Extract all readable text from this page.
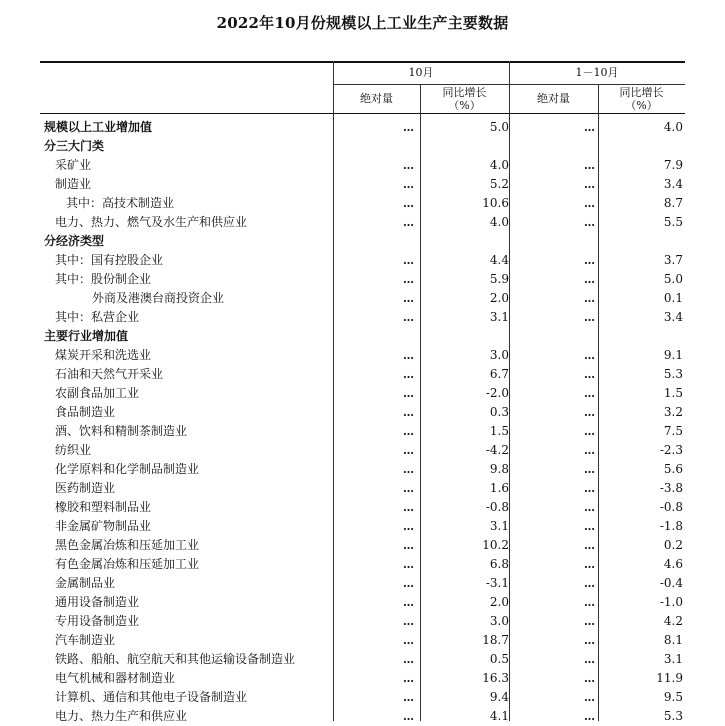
2022年10月份规模以上工业生产主要数据
10月	1－10月
绝对量	同比增长
（%）
绝对量	同比增长
（%）
规模以上工业增加值	…	5.0	…	4.0
分三大门类
采矿业	…	4.0	…	7.9
制造业	…	5.2	…	3.4
其中：高技术制造业	…	10.6	…	8.7
电力、热力、燃气及水生产和供应业	…	4.0	…	5.5
分经济类型
其中：国有控股企业	…	4.4	…	3.7
其中：股份制企业	…	5.9	…	5.0
外商及港澳台商投资企业	…	2.0	…	0.1
其中：私营企业	…	3.1	…	3.4
主要行业增加值
煤炭开采和洗选业	…	3.0	…	9.1
石油和天然气开采业	…	6.7	…	5.3
农副食品加工业	…	-2.0	…	1.5
食品制造业	…	0.3	…	3.2
酒、饮料和精制茶制造业	…	1.5	…	7.5
纺织业	…	-4.2	…	-2.3
化学原料和化学制品制造业	…	9.8	…	5.6
医药制造业	…	1.6	…	-3.8
橡胶和塑料制品业	…	-0.8	…	-0.8
非金属矿物制品业	…	3.1	…	-1.8
黑色金属冶炼和压延加工业	…	10.2	…	0.2
有色金属冶炼和压延加工业	…	6.8	…	4.6
金属制品业	…	-3.1	…	-0.4
通用设备制造业	…	2.0	…	-1.0
专用设备制造业	…	3.0	…	4.2
汽车制造业	…	18.7	…	8.1
铁路、船舶、航空航天和其他运输设备制造业	…	0.5	…	3.1
电气机械和器材制造业	…	16.3	…	11.9
计算机、通信和其他电子设备制造业	…	9.4	…	9.5
电力、热力生产和供应业	…	4.1	…	5.3
